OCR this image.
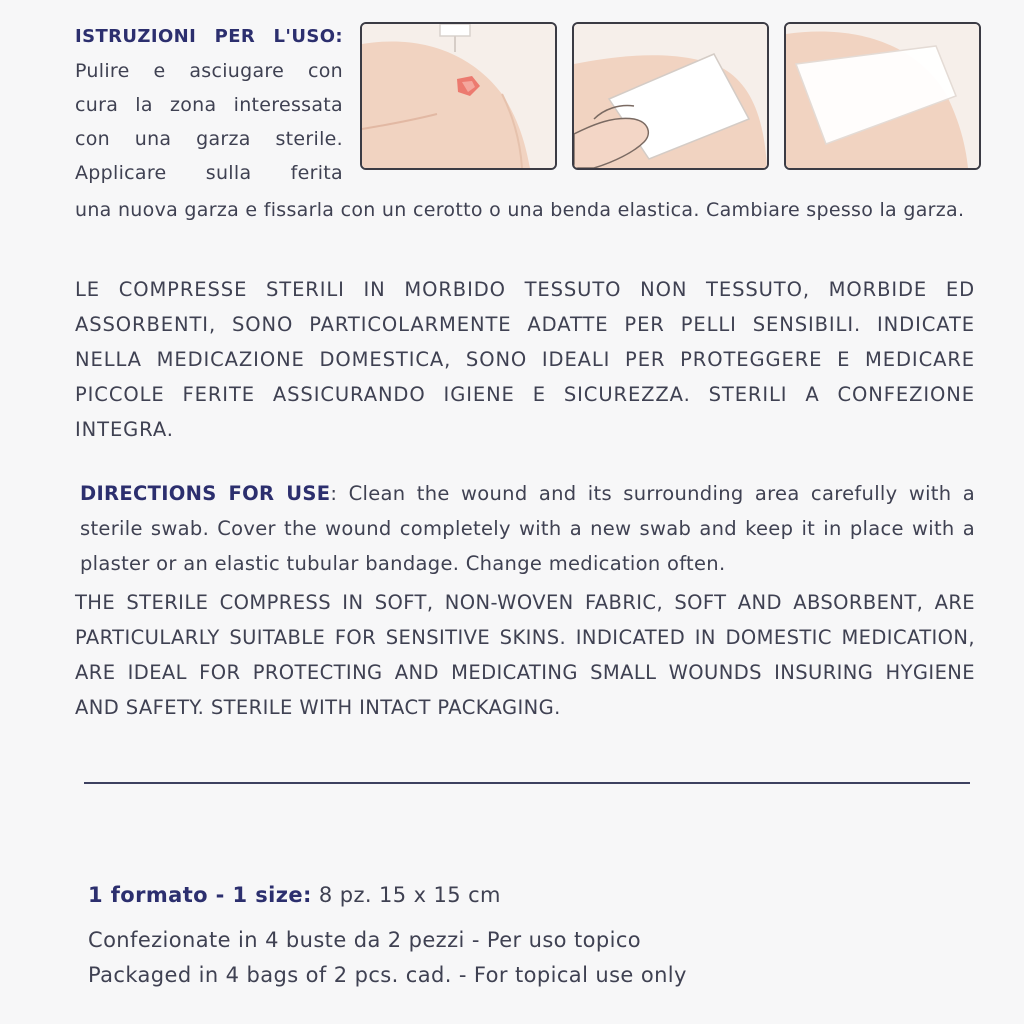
ISTRUZIONI PER L'USO:

Pulire e asciugare con

cura la zona interessata

con una garza sterile.

Applicare sulla ferita

una nuova garza e fissarla con un cerotto o una benda elastica. Cambiare spesso la garza.
LE COMPRESSE STERILI IN MORBIDO TESSUTO NON TESSUTO, MORBIDE ED ASSORBENTI, SONO PARTICOLARMENTE ADATTE PER PELLI SENSIBILI. INDICATE NELLA MEDICAZIONE DOMESTICA, SONO IDEALI PER PROTEGGERE E MEDICARE PICCOLE FERITE ASSICURANDO IGIENE E SICUREZZA. STERILI A CONFEZIONE INTEGRA.
DIRECTIONS FOR USE: Clean the wound and its surrounding area carefully with a sterile swab. Cover the wound completely with a new swab and keep it in place with a plaster or an elastic tubular bandage. Change medication often.
THE STERILE COMPRESS IN SOFT, NON-WOVEN FABRIC, SOFT AND ABSORBENT, ARE PARTICULARLY SUITABLE FOR SENSITIVE SKINS. INDICATED IN DOMESTIC MEDICATION, ARE IDEAL FOR PROTECTING AND MEDICATING SMALL WOUNDS INSURING HYGIENE AND SAFETY. STERILE WITH INTACT PACKAGING.
1 formato - 1 size: 8 pz. 15 x 15 cm
Confezionate in 4 buste da 2 pezzi - Per uso topico
Packaged in 4 bags of 2 pcs. cad. - For topical use only
